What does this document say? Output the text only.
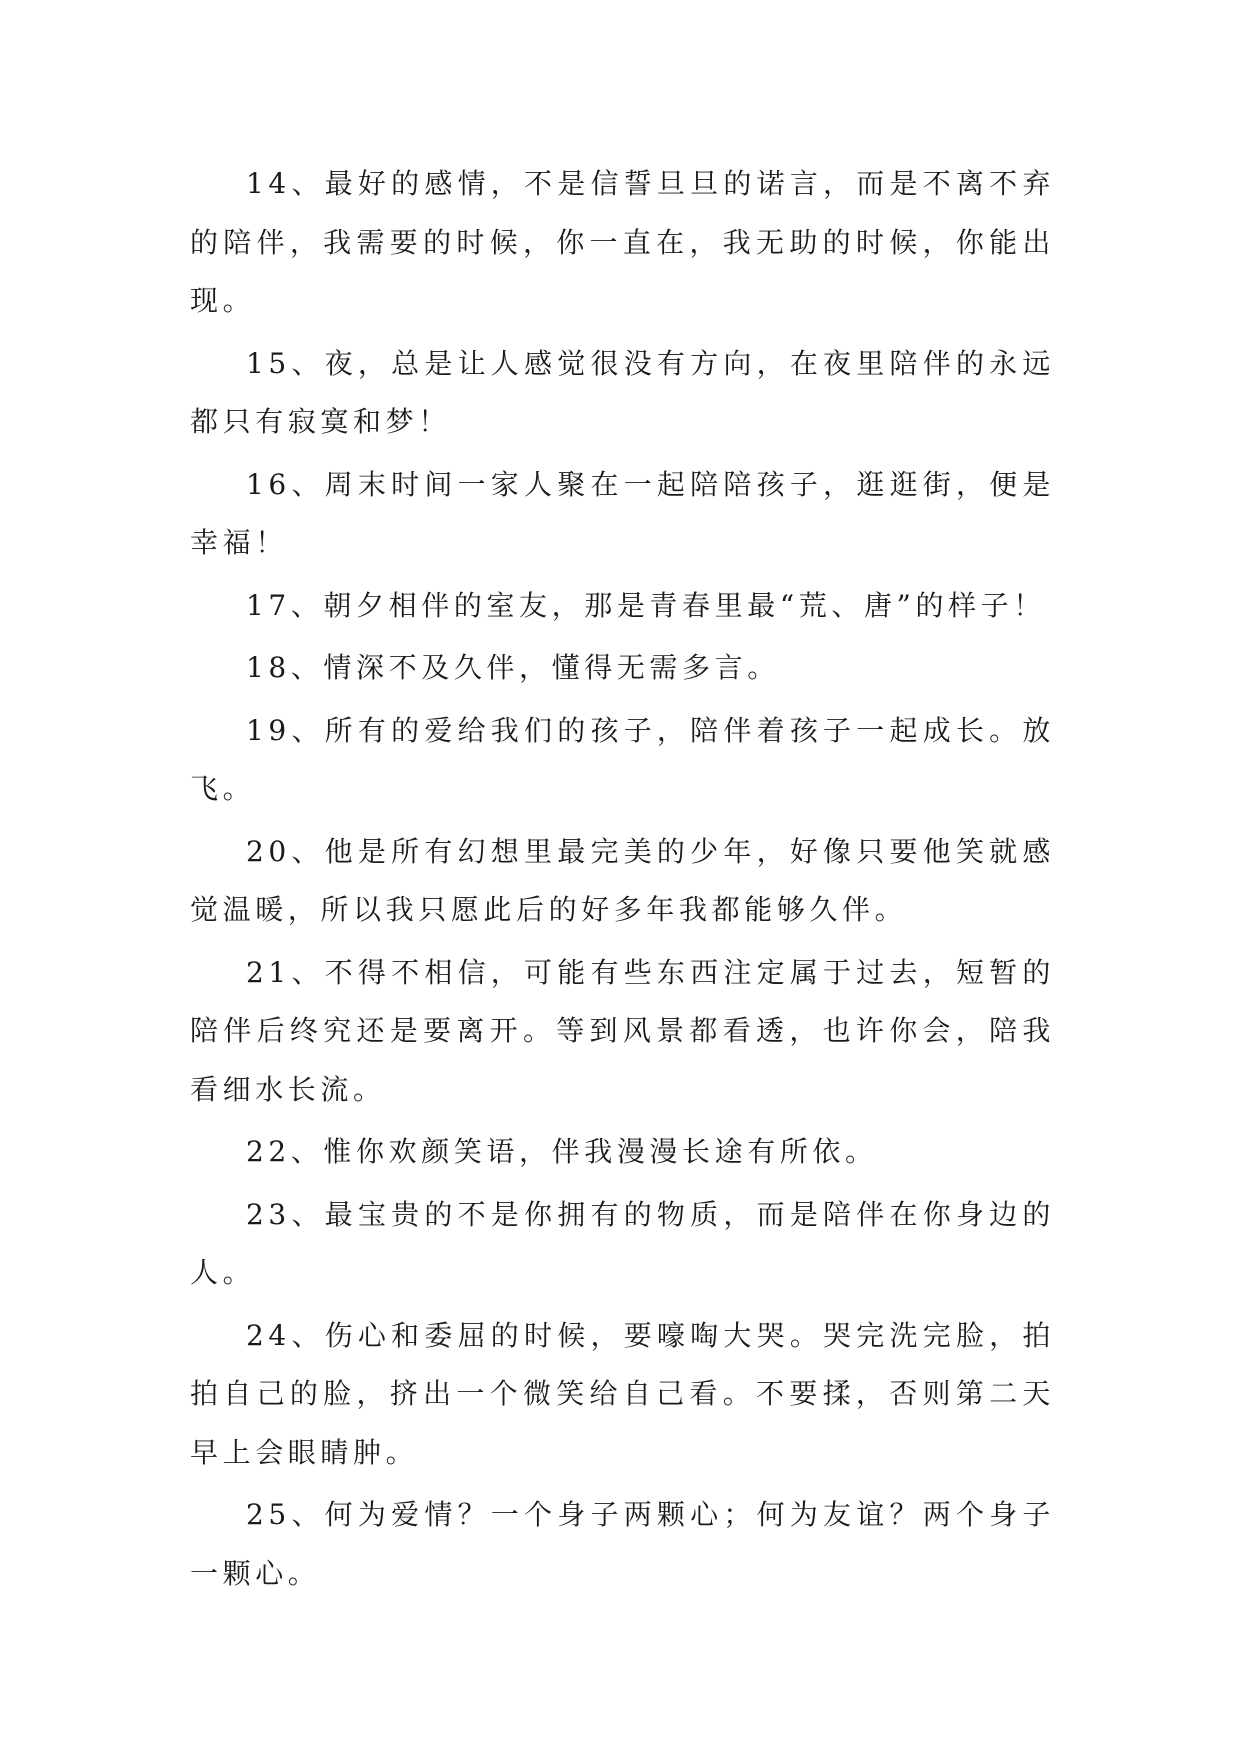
14、最好的感情，不是信誓旦旦的诺言，而是不离不弃的陪伴，我需要的时候，你一直在，我无助的时候，你能出现。

15、夜，总是让人感觉很没有方向，在夜里陪伴的永远都只有寂寞和梦！

16、周末时间一家人聚在一起陪陪孩子，逛逛街，便是幸福！

17、朝夕相伴的室友，那是青春里最“荒、唐”的样子！

18、情深不及久伴，懂得无需多言。

19、所有的爱给我们的孩子，陪伴着孩子一起成长。放飞。

20、他是所有幻想里最完美的少年，好像只要他笑就感觉温暖，所以我只愿此后的好多年我都能够久伴。

21、不得不相信，可能有些东西注定属于过去，短暂的陪伴后终究还是要离开。等到风景都看透，也许你会，陪我看细水长流。

22、惟你欢颜笑语，伴我漫漫长途有所依。

23、最宝贵的不是你拥有的物质，而是陪伴在你身边的人。

24、伤心和委屈的时候，要嚎啕大哭。哭完洗完脸，拍拍自己的脸，挤出一个微笑给自己看。不要揉，否则第二天早上会眼睛肿。

25、何为爱情？一个身子两颗心；何为友谊？两个身子一颗心。
